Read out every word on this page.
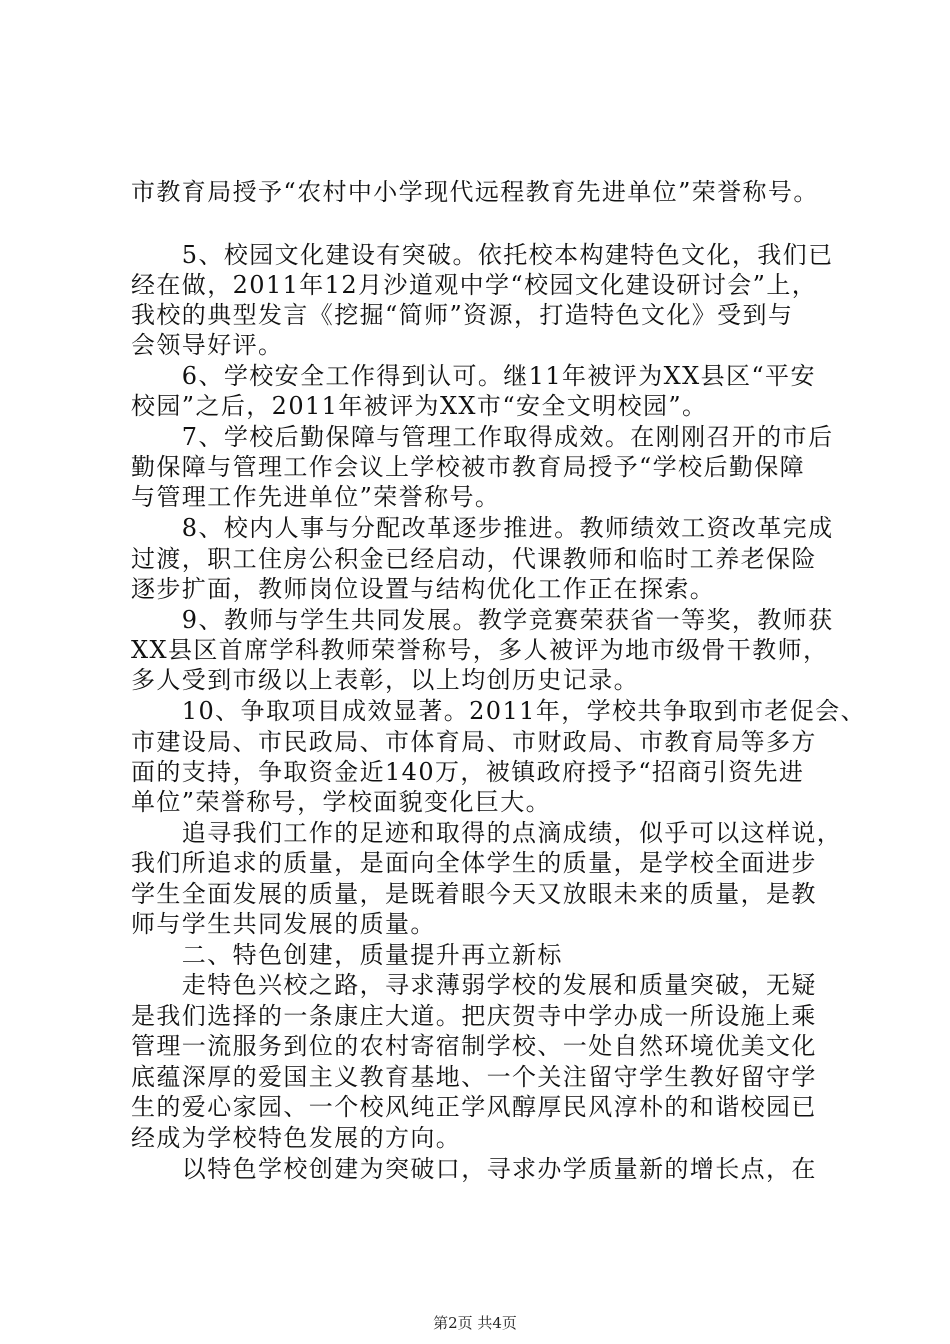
市教育局授予“农村中小学现代远程教育先进单位”荣誉称号。
　　5、校园文化建设有突破。依托校本构建特色文化，我们已
经在做，2011年12月沙道观中学“校园文化建设研讨会”上，
我校的典型发言《挖掘“简师”资源，打造特色文化》受到与
会领导好评。
　　6、学校安全工作得到认可。继11年被评为XX县区“平安
校园”之后，2011年被评为XX市“安全文明校园”。
　　7、学校后勤保障与管理工作取得成效。在刚刚召开的市后
勤保障与管理工作会议上学校被市教育局授予“学校后勤保障
与管理工作先进单位”荣誉称号。
　　8、校内人事与分配改革逐步推进。教师绩效工资改革完成
过渡，职工住房公积金已经启动，代课教师和临时工养老保险
逐步扩面，教师岗位设置与结构优化工作正在探索。
　　9、教师与学生共同发展。教学竞赛荣获省一等奖，教师获
XX县区首席学科教师荣誉称号，多人被评为地市级骨干教师，
多人受到市级以上表彰，以上均创历史记录。
　　10、争取项目成效显著。2011年，学校共争取到市老促会、
市建设局、市民政局、市体育局、市财政局、市教育局等多方
面的支持，争取资金近140万，被镇政府授予“招商引资先进
单位”荣誉称号，学校面貌变化巨大。
　　追寻我们工作的足迹和取得的点滴成绩，似乎可以这样说，
我们所追求的质量，是面向全体学生的质量，是学校全面进步
学生全面发展的质量，是既着眼今天又放眼未来的质量，是教
师与学生共同发展的质量。
　　二、特色创建，质量提升再立新标
　　走特色兴校之路，寻求薄弱学校的发展和质量突破，无疑
是我们选择的一条康庄大道。把庆贺寺中学办成一所设施上乘
管理一流服务到位的农村寄宿制学校、一处自然环境优美文化
底蕴深厚的爱国主义教育基地、一个关注留守学生教好留守学
生的爱心家园、一个校风纯正学风醇厚民风淳朴的和谐校园已
经成为学校特色发展的方向。
　　以特色学校创建为突破口，寻求办学质量新的增长点，在
第2页 共4页
